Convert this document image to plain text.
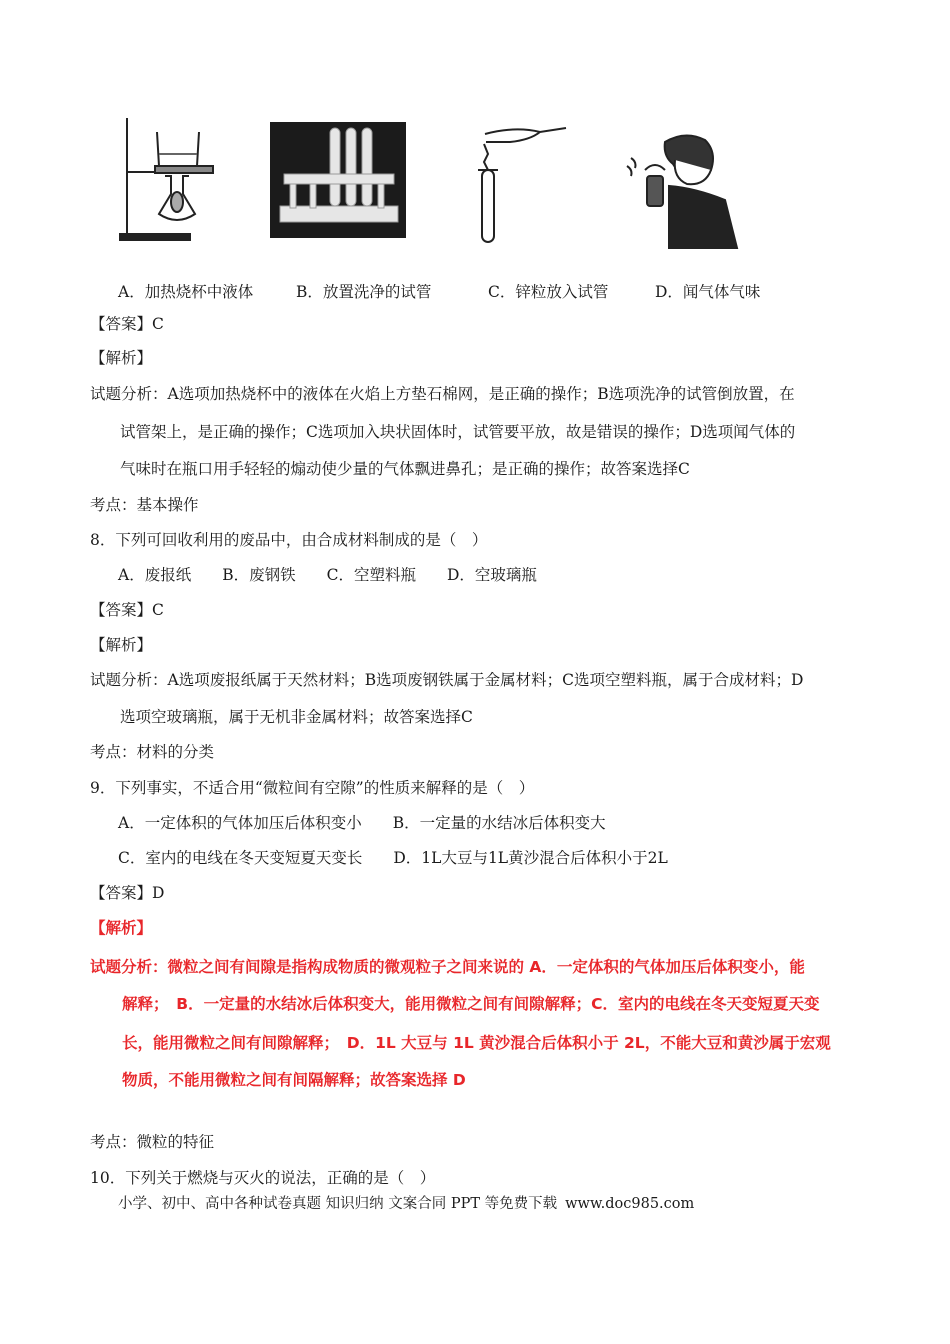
A．加热烧杯中液体	B．放置洗净的试管	C．锌粒放入试管	D．闻气体气味
【答案】C
【解析】
试题分析：A选项加热烧杯中的液体在火焰上方垫石棉网，是正确的操作；B选项洗净的试管倒放置，在
试管架上，是正确的操作；C选项加入块状固体时，试管要平放，故是错误的操作；D选项闻气体的
气味时在瓶口用手轻轻的煽动使少量的气体飘进鼻孔；是正确的操作；故答案选择C
考点：基本操作
8．下列可回收利用的废品中，由合成材料制成的是（　）
A．废报纸　　B．废钢铁　　C．空塑料瓶　　D．空玻璃瓶
【答案】C
【解析】
试题分析：A选项废报纸属于天然材料；B选项废钢铁属于金属材料；C选项空塑料瓶，属于合成材料；D
选项空玻璃瓶，属于无机非金属材料；故答案选择C
考点：材料的分类
9．下列事实，不适合用“微粒间有空隙”的性质来解释的是（　）
A．一定体积的气体加压后体积变小　　B．一定量的水结冰后体积变大
C．室内的电线在冬天变短夏天变长　　D．1L大豆与1L黄沙混合后体积小于2L
【答案】D
【解析】
试题分析：微粒之间有间隙是指构成物质的微观粒子之间来说的 A．一定体积的气体加压后体积变小，能
解释；　B．一定量的水结冰后体积变大，能用微粒之间有间隙解释；C．室内的电线在冬天变短夏天变
长，能用微粒之间有间隙解释；　D．1L 大豆与 1L 黄沙混合后体积小于 2L，不能大豆和黄沙属于宏观
物质，不能用微粒之间有间隔解释；故答案选择 D
考点：微粒的特征
10．下列关于燃烧与灭火的说法，正确的是（　）
小学、初中、高中各种试卷真题 知识归纳 文案合同 PPT 等免费下载 www.doc985.com
